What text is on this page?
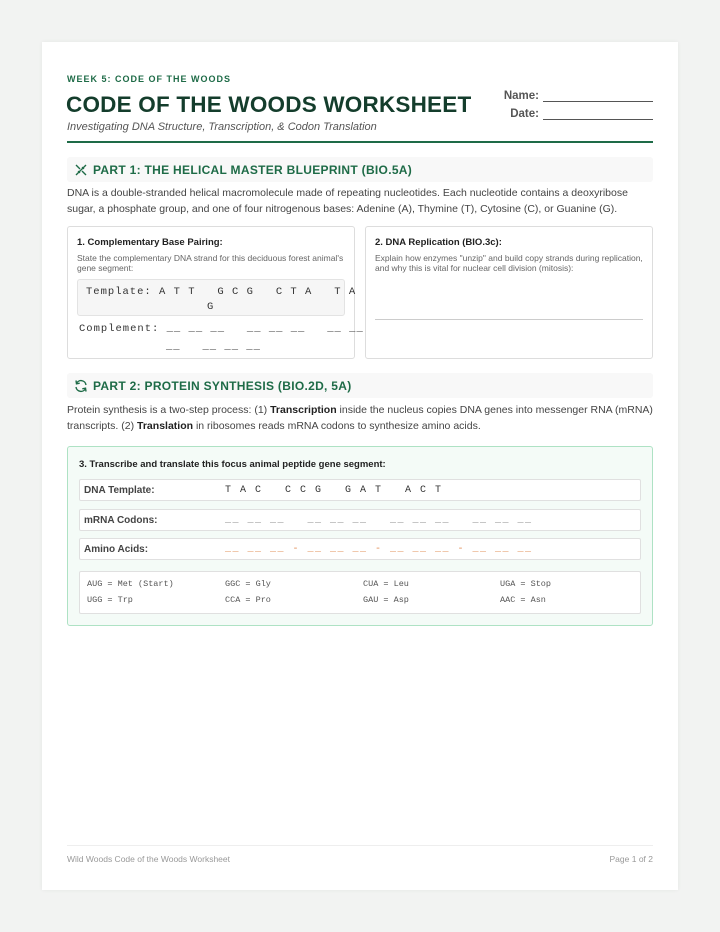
WEEK 5: CODE OF THE WOODS
CODE OF THE WOODS WORKSHEET
Investigating DNA Structure, Transcription, & Codon Translation
Name:
Date:
PART 1: THE HELICAL MASTER BLUEPRINT (BIO.5A)
DNA is a double-stranded helical macromolecule made of repeating nucleotides. Each nucleotide contains a deoxyribose sugar, a phosphate group, and one of four nitrogenous bases: Adenine (A), Thymine (T), Cytosine (C), or Guanine (G).
1. Complementary Base Pairing:
State the complementary DNA strand for this deciduous forest animal's gene segment:
Template: A T T   G C G   C T A   T A
G
Complement: __ __ __   __ __ __   __ __
__   __ __ __
2. DNA Replication (BIO.3c):
Explain how enzymes "unzip" and build copy strands during replication, and why this is vital for nuclear cell division (mitosis):
PART 2: PROTEIN SYNTHESIS (BIO.2D, 5A)
Protein synthesis is a two-step process: (1) Transcription inside the nucleus copies DNA genes into messenger RNA (mRNA) transcripts. (2) Translation in ribosomes reads mRNA codons to synthesize amino acids.
3. Transcribe and translate this focus animal peptide gene segment:
DNA Template:	T A C   C C G   G A T   A C T
mRNA Codons:	__ __ __   __ __ __   __ __ __   __ __ __
Amino Acids:	__ __ __ - __ __ __ - __ __ __ - __ __ __
AUG = Met (Start)	GGC = Gly	CUA = Leu	UGA = Stop
UGG = Trp	CCA = Pro	GAU = Asp	AAC = Asn
Wild Woods Code of the Woods Worksheet	Page 1 of 2
